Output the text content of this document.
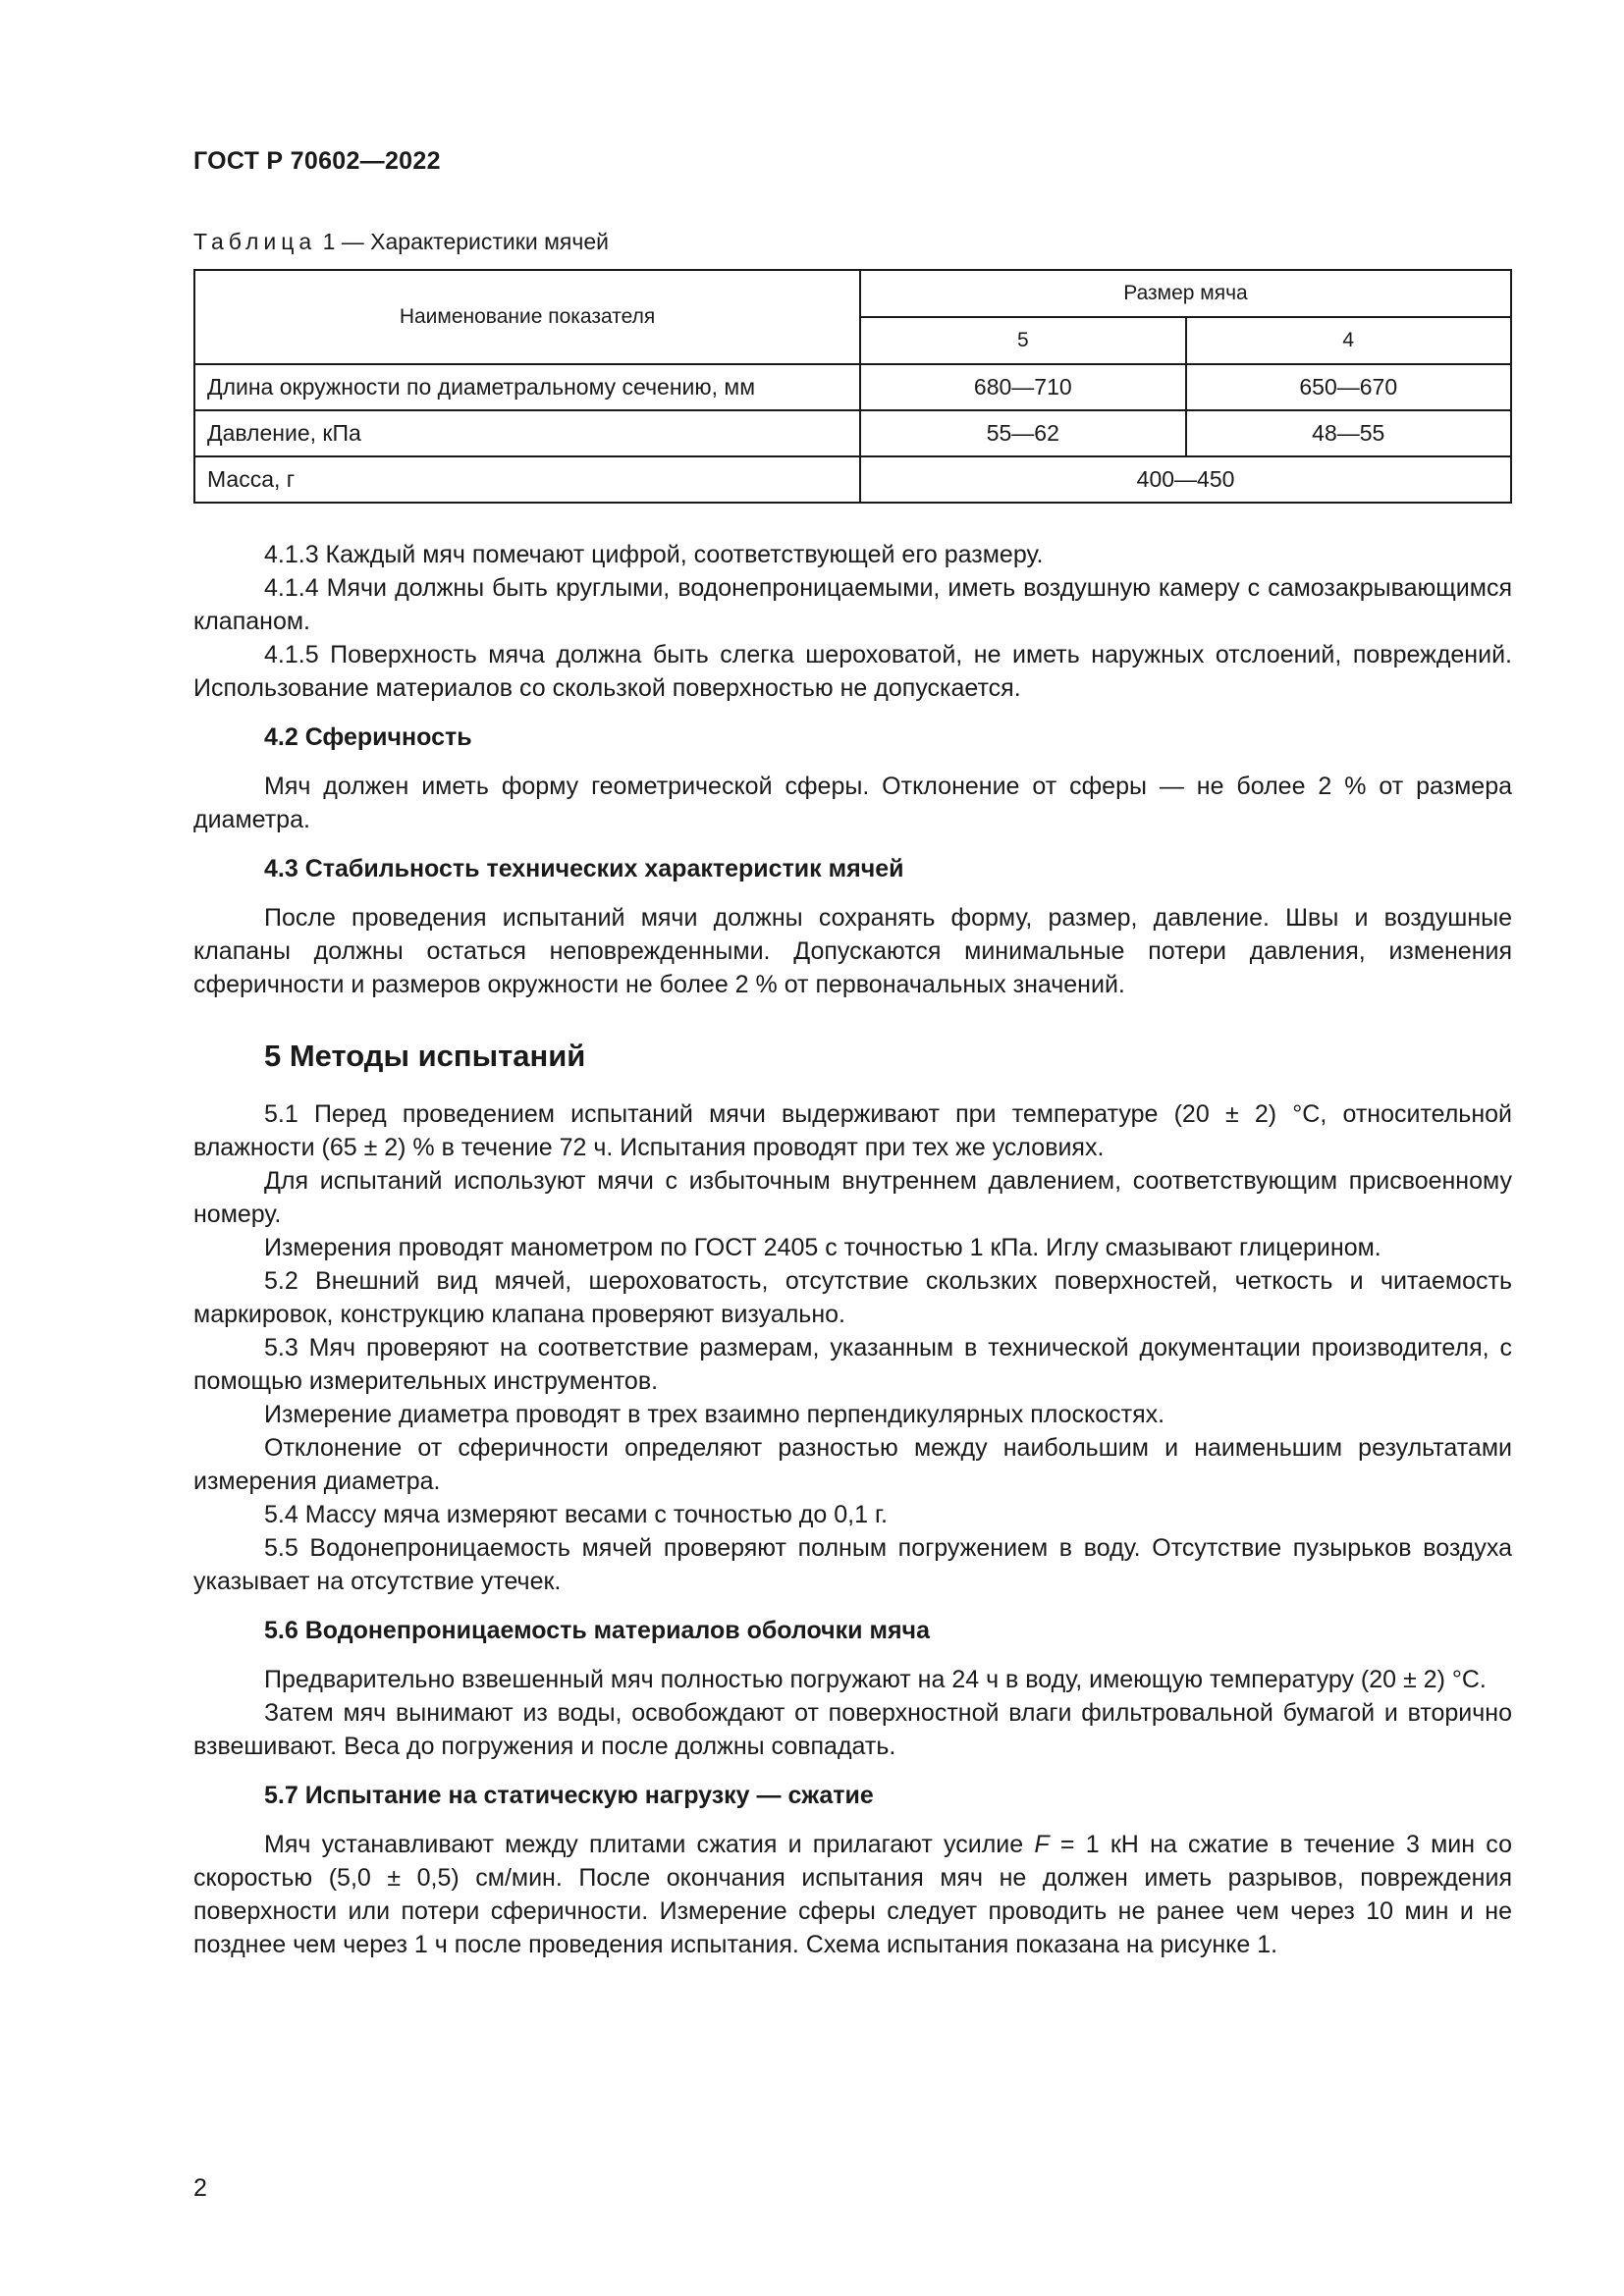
ГОСТ Р 70602—2022
Таблица 1 — Характеристики мячей
Наименование показателя	Размер мяча	
	5	4
Длина окружности по диаметральному сечению, мм	680—710	650—670
Давление, кПа	55—62	48—55
Масса, г	400—450	

4.1.3 Каждый мяч помечают цифрой, соответствующей его размеру.

4.1.4 Мячи должны быть круглыми, водонепроницаемыми, иметь воздушную камеру с самозакрывающимся клапаном.

4.1.5 Поверхность мяча должна быть слегка шероховатой, не иметь наружных отслоений, повреждений. Использование материалов со скользкой поверхностью не допускается.

4.2 Сферичность

Мяч должен иметь форму геометрической сферы. Отклонение от сферы — не более 2 % от размера диаметра.

4.3 Стабильность технических характеристик мячей

После проведения испытаний мячи должны сохранять форму, размер, давление. Швы и воздушные клапаны должны остаться неповрежденными. Допускаются минимальные потери давления, изменения сферичности и размеров окружности не более 2 % от первоначальных значений.

5 Методы испытаний

5.1 Перед проведением испытаний мячи выдерживают при температуре (20 ± 2) °С, относительной влажности (65 ± 2) % в течение 72 ч. Испытания проводят при тех же условиях.

Для испытаний используют мячи с избыточным внутреннем давлением, соответствующим присвоенному номеру.

Измерения проводят манометром по ГОСТ 2405 с точностью 1 кПа. Иглу смазывают глицерином.

5.2 Внешний вид мячей, шероховатость, отсутствие скользких поверхностей, четкость и читаемость маркировок, конструкцию клапана проверяют визуально.

5.3 Мяч проверяют на соответствие размерам, указанным в технической документации производителя, с помощью измерительных инструментов.

Измерение диаметра проводят в трех взаимно перпендикулярных плоскостях.

Отклонение от сферичности определяют разностью между наибольшим и наименьшим результатами измерения диаметра.

5.4 Массу мяча измеряют весами с точностью до 0,1 г.

5.5 Водонепроницаемость мячей проверяют полным погружением в воду. Отсутствие пузырьков воздуха указывает на отсутствие утечек.

5.6 Водонепроницаемость материалов оболочки мяча

Предварительно взвешенный мяч полностью погружают на 24 ч в воду, имеющую температуру (20 ± 2) °С.

Затем мяч вынимают из воды, освобождают от поверхностной влаги фильтровальной бумагой и вторично взвешивают. Веса до погружения и после должны совпадать.

5.7 Испытание на статическую нагрузку — сжатие

Мяч устанавливают между плитами сжатия и прилагают усилие F = 1 кН на сжатие в течение 3 мин со скоростью (5,0 ± 0,5) см/мин. После окончания испытания мяч не должен иметь разрывов, повреждения поверхности или потери сферичности. Измерение сферы следует проводить не ранее чем через 10 мин и не позднее чем через 1 ч после проведения испытания. Схема испытания показана на рисунке 1.

2
